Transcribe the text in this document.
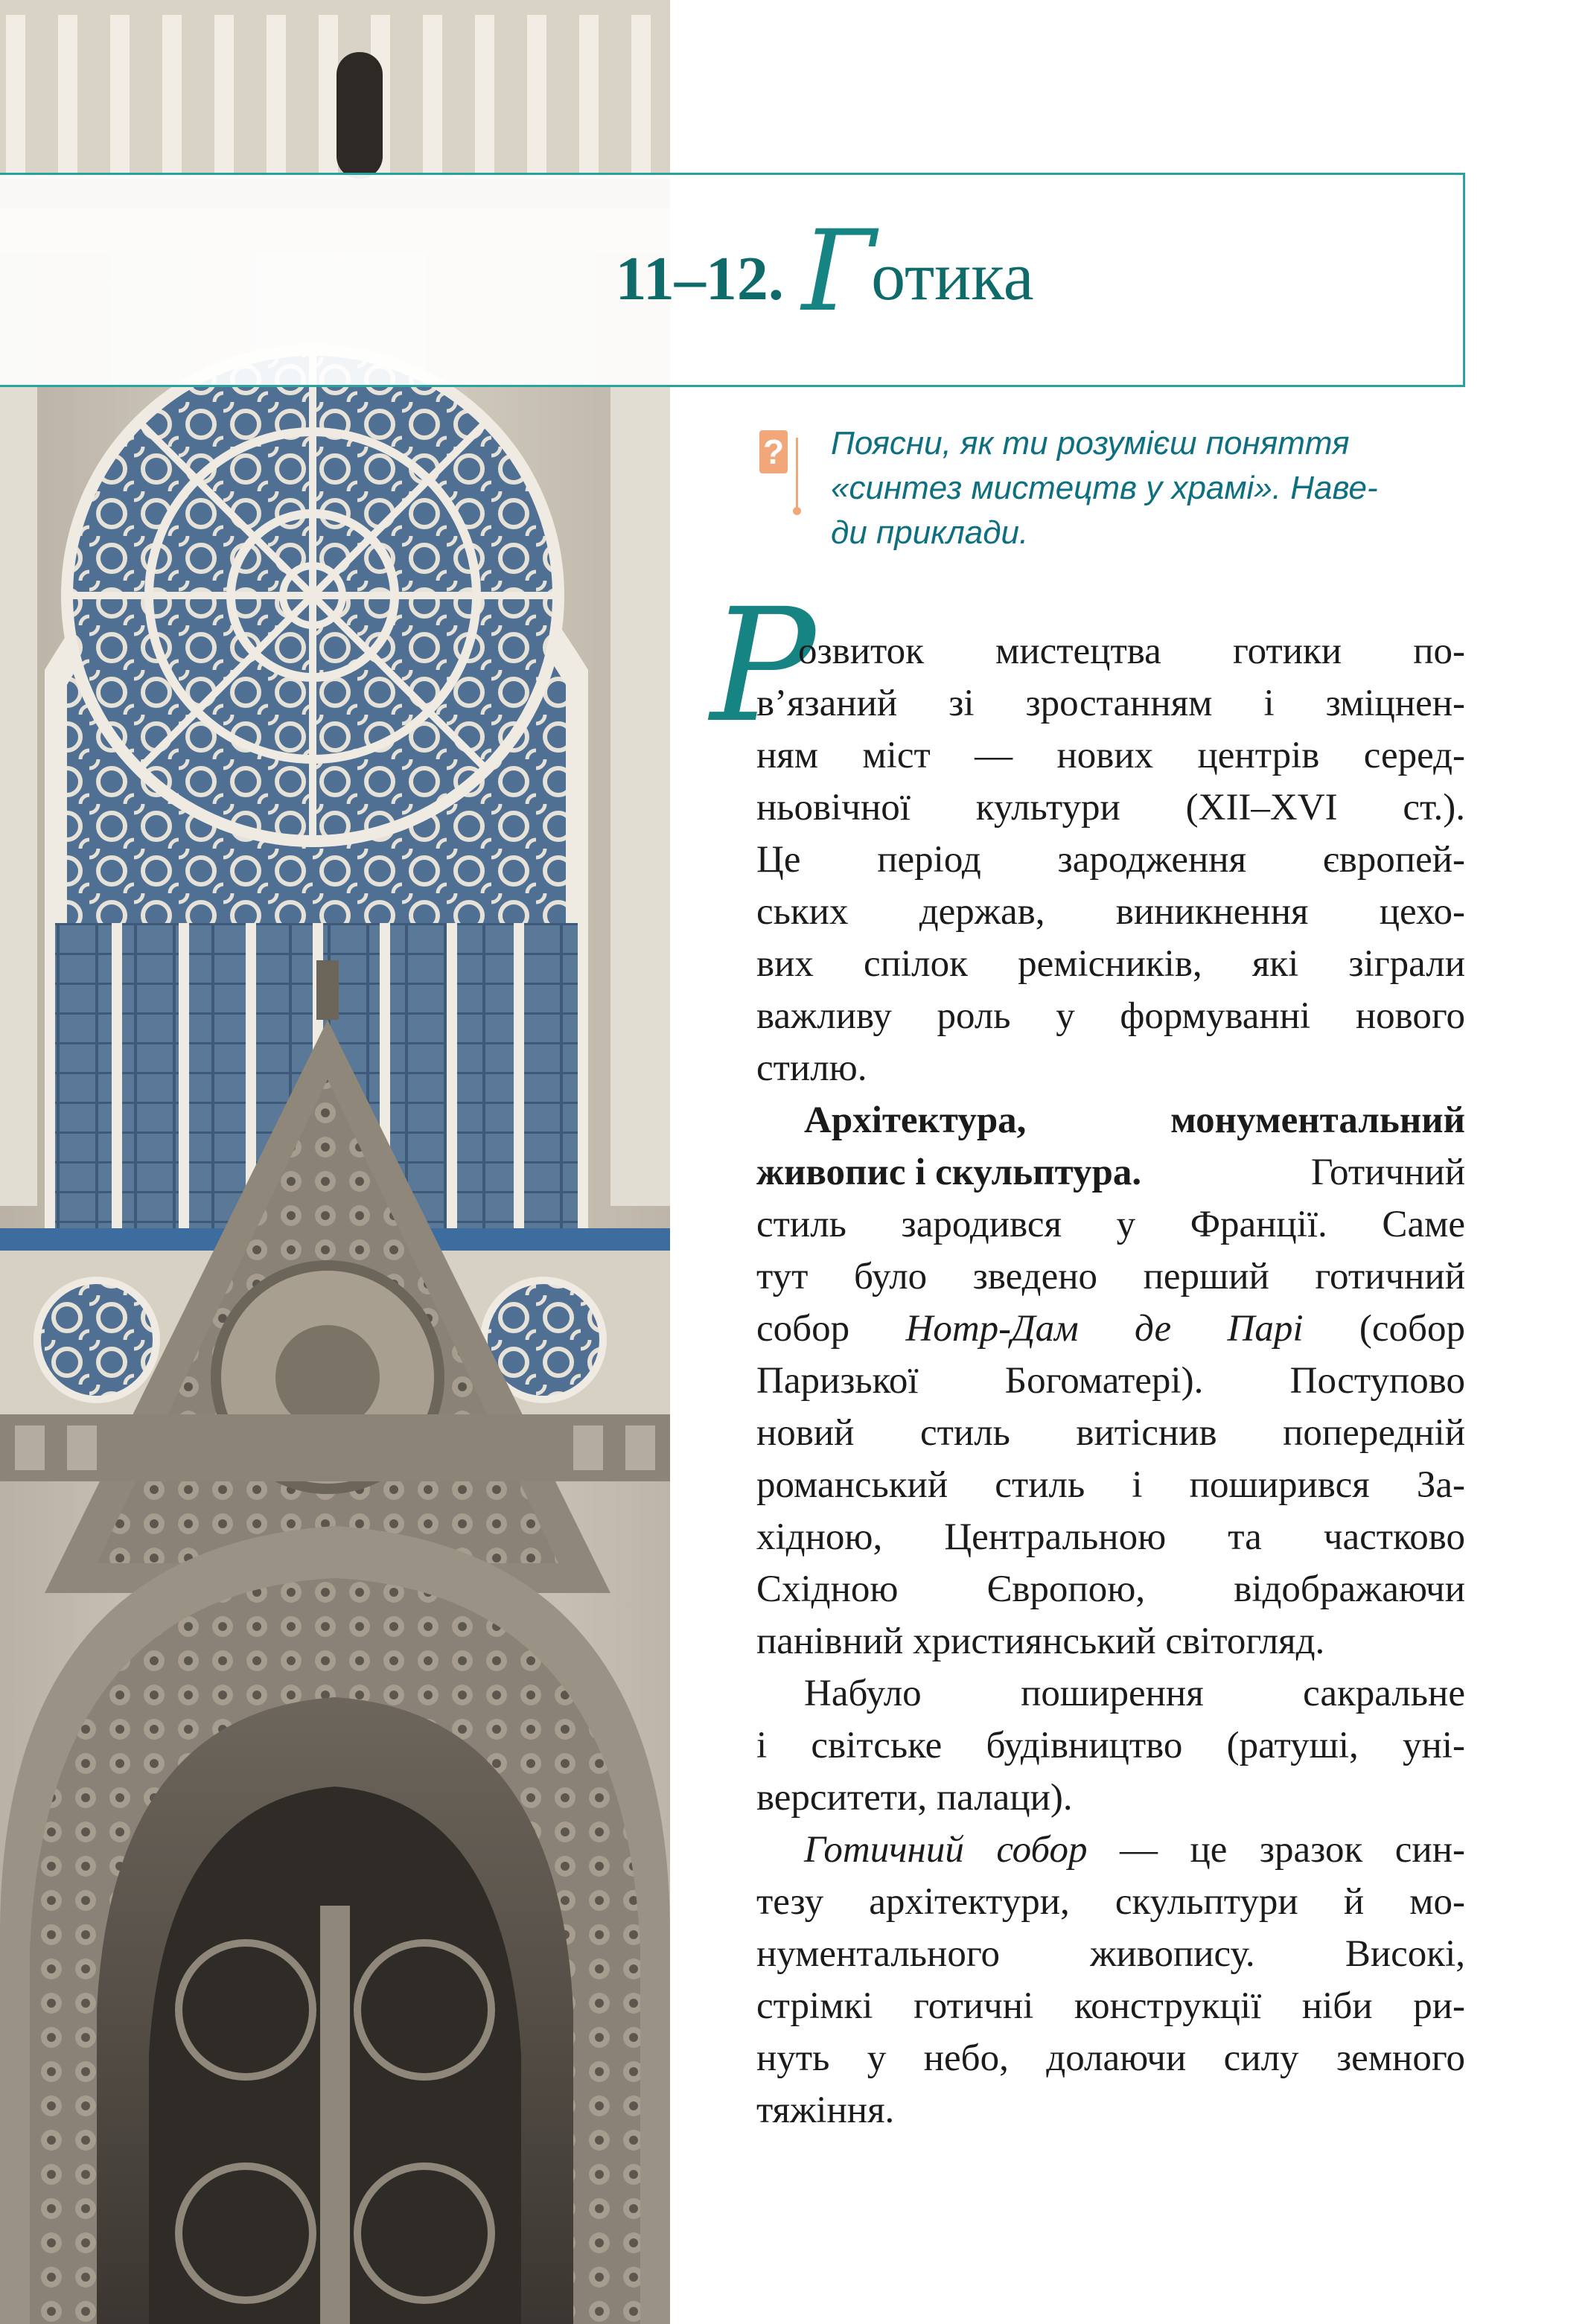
11–12. Готика
? Поясни, як ти розумієш поняття
«синтез мистецтв у храмі». Наве-
ди приклади.
Р
озвиток мистецтва готики по-
в’язаний зі зростанням і зміцнен-
ням міст — нових центрів серед-
ньовічної культури (XII–XVI ст.).
Це період зародження європей-
ських держав, виникнення цехо-
вих спілок ремісників, які зіграли
важливу роль у формуванні нового
стилю.
Архітектура, монументальний
живопис і скульптура.	Готичний
стиль зародився у Франції. Саме
тут було зведено перший готичний
собор Нотр-Дам де Парі (собор
Паризької Богоматері). Поступово
новий стиль витіснив попередній
романський стиль і поширився За-
хідною, Центральною та частково
Східною Європою, відображаючи
панівний християнський світогляд.
Набуло поширення сакральне
і світське будівництво (ратуші, уні-
верситети, палаци).
Готичний собор — це зразок син-
тезу архітектури, скульптури й мо-
нументального живопису. Високі,
стрімкі готичні конструкції ніби ри-
нуть у небо, долаючи силу земного
тяжіння.
